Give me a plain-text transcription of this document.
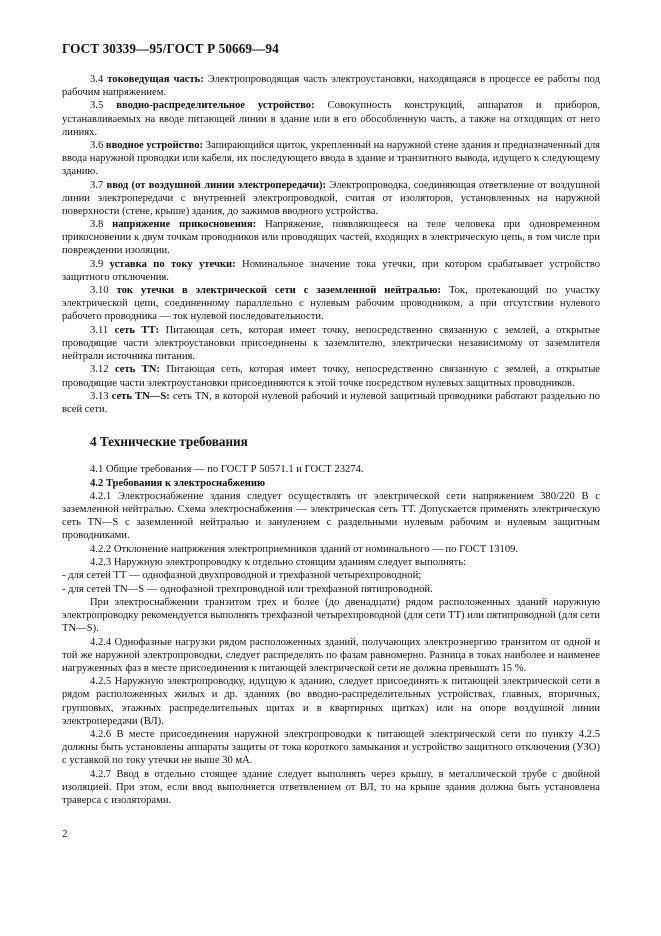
ГОСТ 30339—95/ГОСТ Р 50669—94

3.4 токоведущая часть: Электропроводящая часть электроустановки, находящаяся в процессе ее работы под рабочим напряжением.

3.5 вводно-распределительное устройство: Совокупность конструкций, аппаратов и приборов, устанавливаемых на вводе питающей линии в здание или в его обособленную часть, а также на отходящих от него линиях.

3.6 вводное устройство: Запирающийся щиток, укрепленный на наружной стене здания и предназначенный для ввода наружной проводки или кабеля, их последующего ввода в здание и транзитного вывода, идущего к следующему зданию.

3.7 ввод (от воздушной линии электропередачи): Электропроводка, соединяющая ответвление от воздушной линии электропередачи с внутренней электропроводкой, считая от изоляторов, установленных на наружной поверхности (стене, крыше) здания, до зажимов вводного устройства.

3.8 напряжение прикосновения: Напряжение, появляющееся на теле человека при одновременном прикосновении к двум точкам проводников или проводящих частей, входящих в электрическую цепь, в том числе при повреждении изоляции.

3.9 уставка по току утечки: Номинальное значение тока утечки, при котором срабатывает устройство защитного отключения.

3.10 ток утечки в электрической сети с заземленной нейтралью: Ток, протекающий по участку электрической цепи, соединенному параллельно с нулевым рабочим проводником, а при отсутствии нулевого рабочего проводника — ток нулевой последовательности.

3.11 сеть ТТ: Питающая сеть, которая имеет точку, непосредственно связанную с землей, а открытые проводящие части электроустановки присоединены к заземлителю, электрически независимому от заземлителя нейтрали источника питания.

3.12 сеть TN: Питающая сеть, которая имеет точку, непосредственно связанную с землей, а открытые проводящие части электроустановки присоединяются к этой точке посредством нулевых защитных проводников.

3.13 сеть TN—S: сеть TN, в которой нулевой рабочий и нулевой защитный проводники работают раздельно по всей сети.

4 Технические требования

4.1 Общие требования — по ГОСТ Р 50571.1 и ГОСТ 23274.

4.2 Требования к электроснабжению

4.2.1 Электроснабжение здания следует осуществлять от электрической сети напряжением 380/220 В с заземленной нейтралью. Схема электроснабжения — электрическая сеть ТТ. Допускается применять электрическую сеть TN—S с заземленной нейтралью и занулением с раздельными нулевым рабочим и нулевым защитным проводниками.

4.2.2 Отклонение напряжения электроприемников зданий от номинального — по ГОСТ 13109.

4.2.3 Наружную электропроводку к отдельно стоящим зданиям следует выполнять:

- для сетей ТТ — однофазной двухпроводной и трехфазной четырехпроводной;

- для сетей TN—S — однофазной трехпроводной или трехфазной пятипроводной.

При электроснабжении транзитом трех и более (до двенадцати) рядом расположенных зданий наружную электропроводку рекомендуется выполнять трехфазной четырехпроводной (для сети ТТ) или пятипроводной (для сети TN—S).

4.2.4 Однофазные нагрузки рядом расположенных зданий, получающих электроэнергию транзитом от одной и той же наружной электропроводки, следует распределять по фазам равномерно. Разница в токах наиболее и наименее нагруженных фаз в месте присоединения к питающей электрической сети не должна превышать 15 %.

4.2.5 Наружную электропроводку, идущую к зданию, следует присоединять к питающей электрической сети в рядом расположенных жилых и др. зданиях (во вводно-распределительных устройствах, главных, вторичных, групповых, этажных распределительных щитах и в квартирных щитках) или на опоре воздушной линии электропередачи (ВЛ).

4.2.6 В месте присоединения наружной электропроводки к питающей электрической сети по пункту 4.2.5 должны быть установлены аппараты защиты от тока короткого замыкания и устройство защитного отключения (УЗО) с уставкой по току утечки не выше 30 мА.

4.2.7 Ввод в отдельно стоящее здание следует выполнять через крышу, в металлической трубе с двойной изоляцией. При этом, если ввод выполняется ответвлением от ВЛ, то на крыше здания должна быть установлена траверса с изоляторами.

2
